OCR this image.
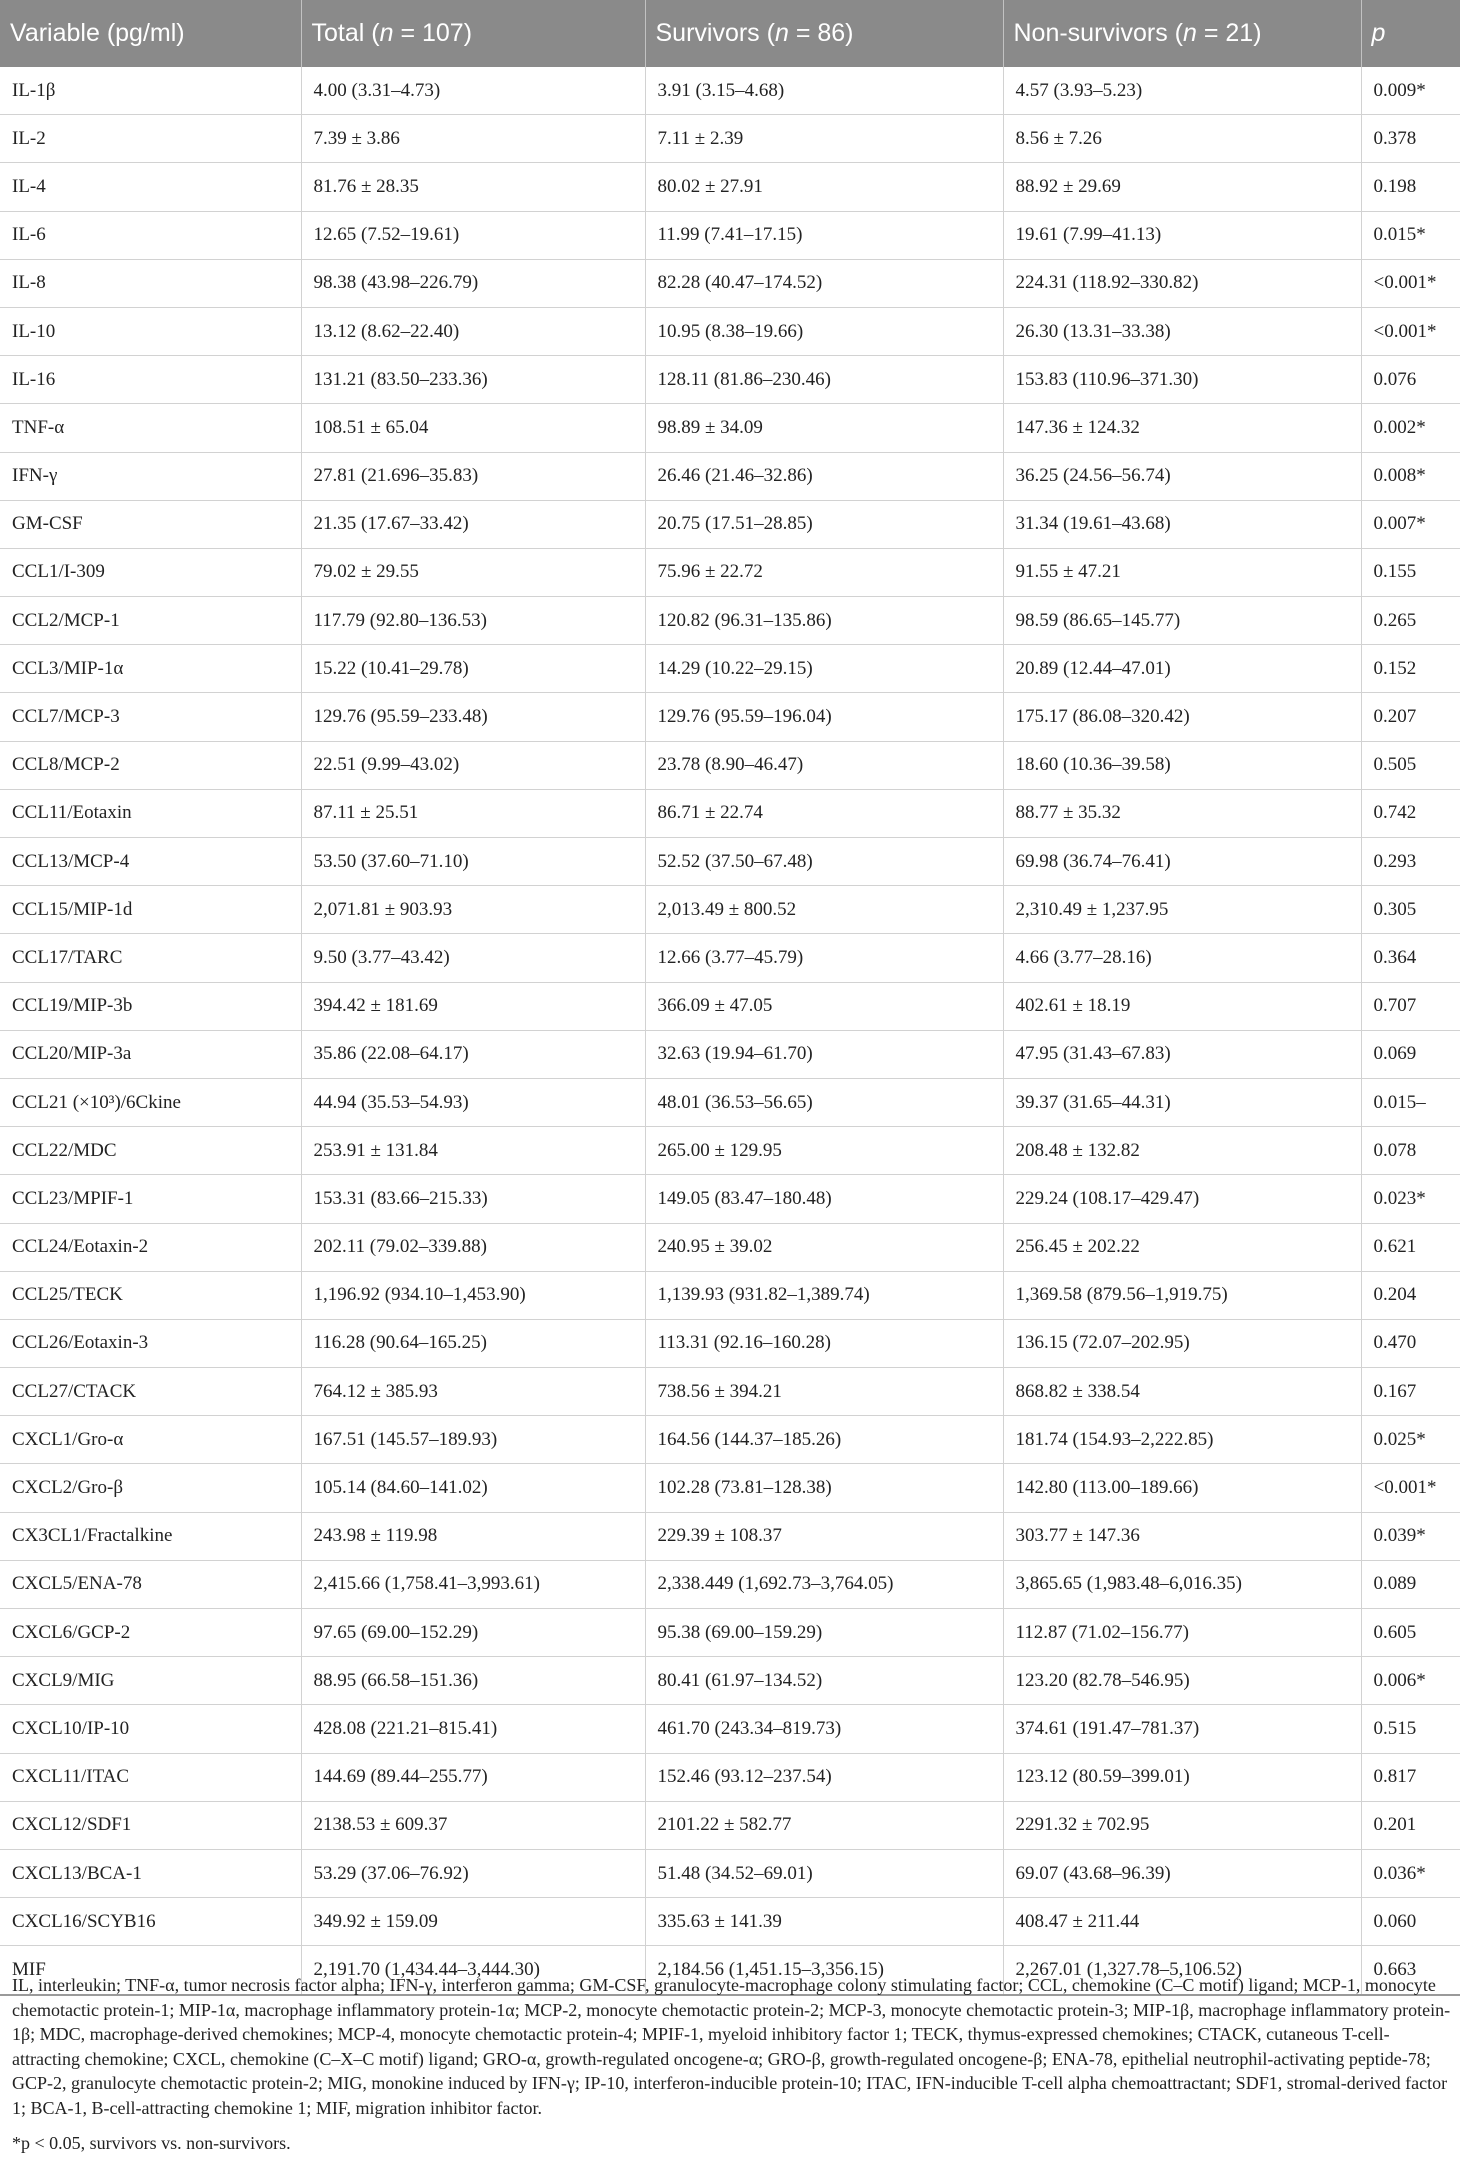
Variable (pg/ml)	Total (n = 107)	Survivors (n = 86)	Non-survivors (n = 21)	p
IL-1β	4.00 (3.31–4.73)	3.91 (3.15–4.68)	4.57 (3.93–5.23)	0.009*
IL-2	7.39 ± 3.86	7.11 ± 2.39	8.56 ± 7.26	0.378
IL-4	81.76 ± 28.35	80.02 ± 27.91	88.92 ± 29.69	0.198
IL-6	12.65 (7.52–19.61)	11.99 (7.41–17.15)	19.61 (7.99–41.13)	0.015*
IL-8	98.38 (43.98–226.79)	82.28 (40.47–174.52)	224.31 (118.92–330.82)	<0.001*
IL-10	13.12 (8.62–22.40)	10.95 (8.38–19.66)	26.30 (13.31–33.38)	<0.001*
IL-16	131.21 (83.50–233.36)	128.11 (81.86–230.46)	153.83 (110.96–371.30)	0.076
TNF-α	108.51 ± 65.04	98.89 ± 34.09	147.36 ± 124.32	0.002*
IFN-γ	27.81 (21.696–35.83)	26.46 (21.46–32.86)	36.25 (24.56–56.74)	0.008*
GM-CSF	21.35 (17.67–33.42)	20.75 (17.51–28.85)	31.34 (19.61–43.68)	0.007*
CCL1/I-309	79.02 ± 29.55	75.96 ± 22.72	91.55 ± 47.21	0.155
CCL2/MCP-1	117.79 (92.80–136.53)	120.82 (96.31–135.86)	98.59 (86.65–145.77)	0.265
CCL3/MIP-1α	15.22 (10.41–29.78)	14.29 (10.22–29.15)	20.89 (12.44–47.01)	0.152
CCL7/MCP-3	129.76 (95.59–233.48)	129.76 (95.59–196.04)	175.17 (86.08–320.42)	0.207
CCL8/MCP-2	22.51 (9.99–43.02)	23.78 (8.90–46.47)	18.60 (10.36–39.58)	0.505
CCL11/Eotaxin	87.11 ± 25.51	86.71 ± 22.74	88.77 ± 35.32	0.742
CCL13/MCP-4	53.50 (37.60–71.10)	52.52 (37.50–67.48)	69.98 (36.74–76.41)	0.293
CCL15/MIP-1d	2,071.81 ± 903.93	2,013.49 ± 800.52	2,310.49 ± 1,237.95	0.305
CCL17/TARC	9.50 (3.77–43.42)	12.66 (3.77–45.79)	4.66 (3.77–28.16)	0.364
CCL19/MIP-3b	394.42 ± 181.69	366.09 ± 47.05	402.61 ± 18.19	0.707
CCL20/MIP-3a	35.86 (22.08–64.17)	32.63 (19.94–61.70)	47.95 (31.43–67.83)	0.069
CCL21 (×10³)/6Ckine	44.94 (35.53–54.93)	48.01 (36.53–56.65)	39.37 (31.65–44.31)	0.015–
CCL22/MDC	253.91 ± 131.84	265.00 ± 129.95	208.48 ± 132.82	0.078
CCL23/MPIF-1	153.31 (83.66–215.33)	149.05 (83.47–180.48)	229.24 (108.17–429.47)	0.023*
CCL24/Eotaxin-2	202.11 (79.02–339.88)	240.95 ± 39.02	256.45 ± 202.22	0.621
CCL25/TECK	1,196.92 (934.10–1,453.90)	1,139.93 (931.82–1,389.74)	1,369.58 (879.56–1,919.75)	0.204
CCL26/Eotaxin-3	116.28 (90.64–165.25)	113.31 (92.16–160.28)	136.15 (72.07–202.95)	0.470
CCL27/CTACK	764.12 ± 385.93	738.56 ± 394.21	868.82 ± 338.54	0.167
CXCL1/Gro-α	167.51 (145.57–189.93)	164.56 (144.37–185.26)	181.74 (154.93–2,222.85)	0.025*
CXCL2/Gro-β	105.14 (84.60–141.02)	102.28 (73.81–128.38)	142.80 (113.00–189.66)	<0.001*
CX3CL1/Fractalkine	243.98 ± 119.98	229.39 ± 108.37	303.77 ± 147.36	0.039*
CXCL5/ENA-78	2,415.66 (1,758.41–3,993.61)	2,338.449 (1,692.73–3,764.05)	3,865.65 (1,983.48–6,016.35)	0.089
CXCL6/GCP-2	97.65 (69.00–152.29)	95.38 (69.00–159.29)	112.87 (71.02–156.77)	0.605
CXCL9/MIG	88.95 (66.58–151.36)	80.41 (61.97–134.52)	123.20 (82.78–546.95)	0.006*
CXCL10/IP-10	428.08 (221.21–815.41)	461.70 (243.34–819.73)	374.61 (191.47–781.37)	0.515
CXCL11/ITAC	144.69 (89.44–255.77)	152.46 (93.12–237.54)	123.12 (80.59–399.01)	0.817
CXCL12/SDF1	2138.53 ± 609.37	2101.22 ± 582.77	2291.32 ± 702.95	0.201
CXCL13/BCA-1	53.29 (37.06–76.92)	51.48 (34.52–69.01)	69.07 (43.68–96.39)	0.036*
CXCL16/SCYB16	349.92 ± 159.09	335.63 ± 141.39	408.47 ± 211.44	0.060
MIF	2,191.70 (1,434.44–3,444.30)	2,184.56 (1,451.15–3,356.15)	2,267.01 (1,327.78–5,106.52)	0.663

IL, interleukin; TNF-α, tumor necrosis factor alpha; IFN-γ, interferon gamma; GM-CSF, granulocyte-macrophage colony stimulating factor; CCL, chemokine (C–C motif) ligand; MCP-1, monocyte chemotactic protein-1; MIP-1α, macrophage inflammatory protein-1α; MCP-2, monocyte chemotactic protein-2; MCP-3, monocyte chemotactic protein-3; MIP-1β, macrophage inflammatory protein-1β; MDC, macrophage-derived chemokines; MCP-4, monocyte chemotactic protein-4; MPIF-1, myeloid inhibitory factor 1; TECK, thymus-expressed chemokines; CTACK, cutaneous T-cell-attracting chemokine; CXCL, chemokine (C–X–C motif) ligand; GRO-α, growth-regulated oncogene-α; GRO-β, growth-regulated oncogene-β; ENA-78, epithelial neutrophil-activating peptide-78; GCP-2, granulocyte chemotactic protein-2; MIG, monokine induced by IFN-γ; IP-10, interferon-inducible protein-10; ITAC, IFN-inducible T-cell alpha chemoattractant; SDF1, stromal-derived factor 1; BCA-1, B-cell-attracting chemokine 1; MIF, migration inhibitor factor.

*p < 0.05, survivors vs. non-survivors.
